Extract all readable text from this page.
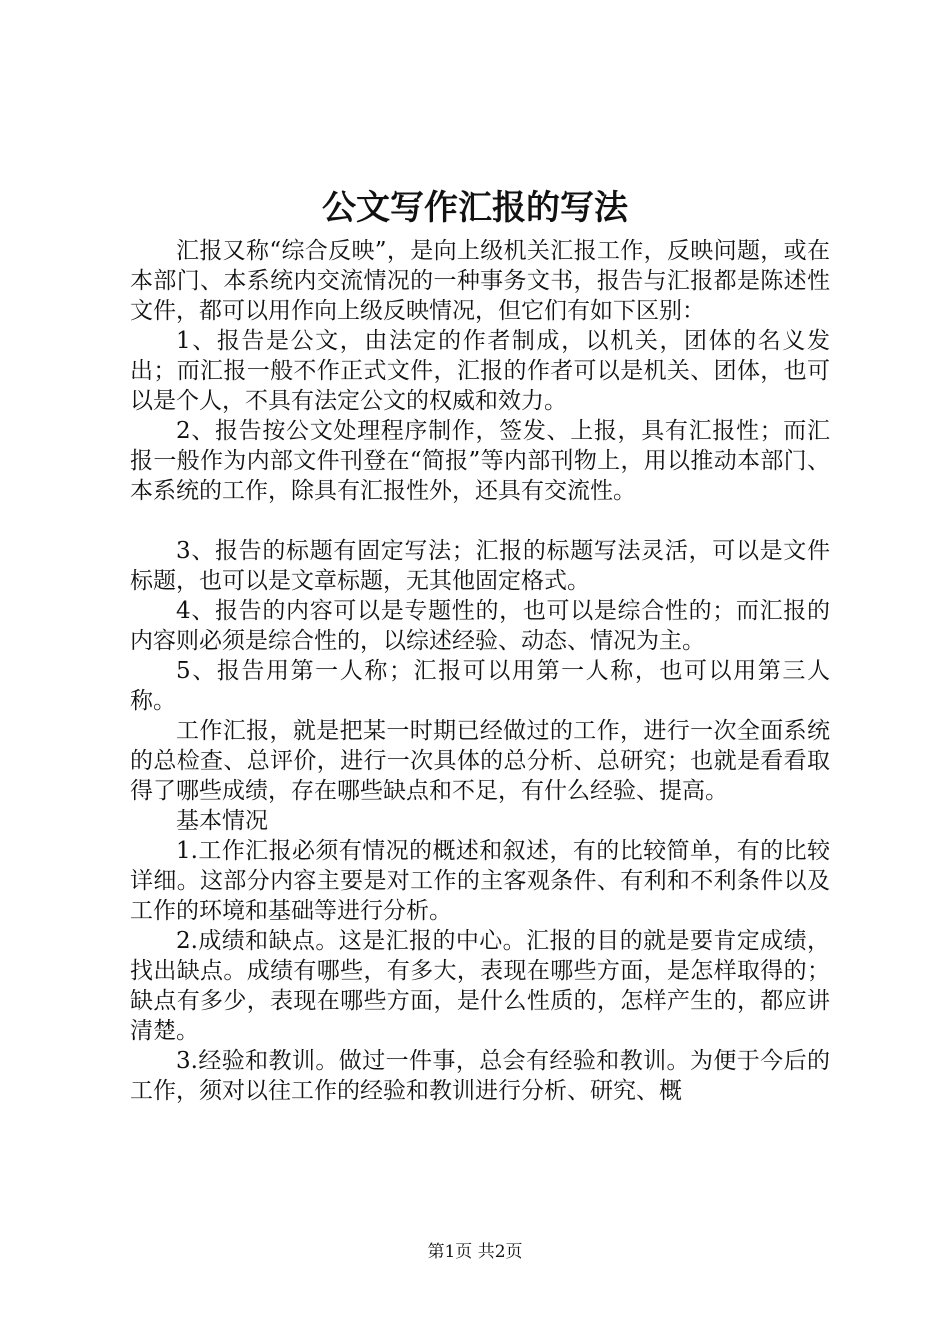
公文写作汇报的写法

汇报又称“综合反映”，是向上级机关汇报工作，反映问题，或在本部门、本系统内交流情况的一种事务文书，报告与汇报都是陈述性文件，都可以用作向上级反映情况，但它们有如下区别：

1、报告是公文，由法定的作者制成，以机关，团体的名义发出；而汇报一般不作正式文件，汇报的作者可以是机关、团体，也可以是个人，不具有法定公文的权威和效力。

2、报告按公文处理程序制作，签发、上报，具有汇报性；而汇报一般作为内部文件刊登在“简报”等内部刊物上，用以推动本部门、本系统的工作，除具有汇报性外，还具有交流性。

3、报告的标题有固定写法；汇报的标题写法灵活，可以是文件标题，也可以是文章标题，无其他固定格式。

4、报告的内容可以是专题性的，也可以是综合性的；而汇报的内容则必须是综合性的，以综述经验、动态、情况为主。

5、报告用第一人称；汇报可以用第一人称，也可以用第三人称。

工作汇报，就是把某一时期已经做过的工作，进行一次全面系统的总检查、总评价，进行一次具体的总分析、总研究；也就是看看取得了哪些成绩，存在哪些缺点和不足，有什么经验、提高。

基本情况

1.工作汇报必须有情况的概述和叙述，有的比较简单，有的比较详细。这部分内容主要是对工作的主客观条件、有利和不利条件以及工作的环境和基础等进行分析。

2.成绩和缺点。这是汇报的中心。汇报的目的就是要肯定成绩，找出缺点。成绩有哪些，有多大，表现在哪些方面，是怎样取得的；缺点有多少，表现在哪些方面，是什么性质的，怎样产生的，都应讲清楚。

3.经验和教训。做过一件事，总会有经验和教训。为便于今后的工作，须对以往工作的经验和教训进行分析、研究、概

第1页 共2页
